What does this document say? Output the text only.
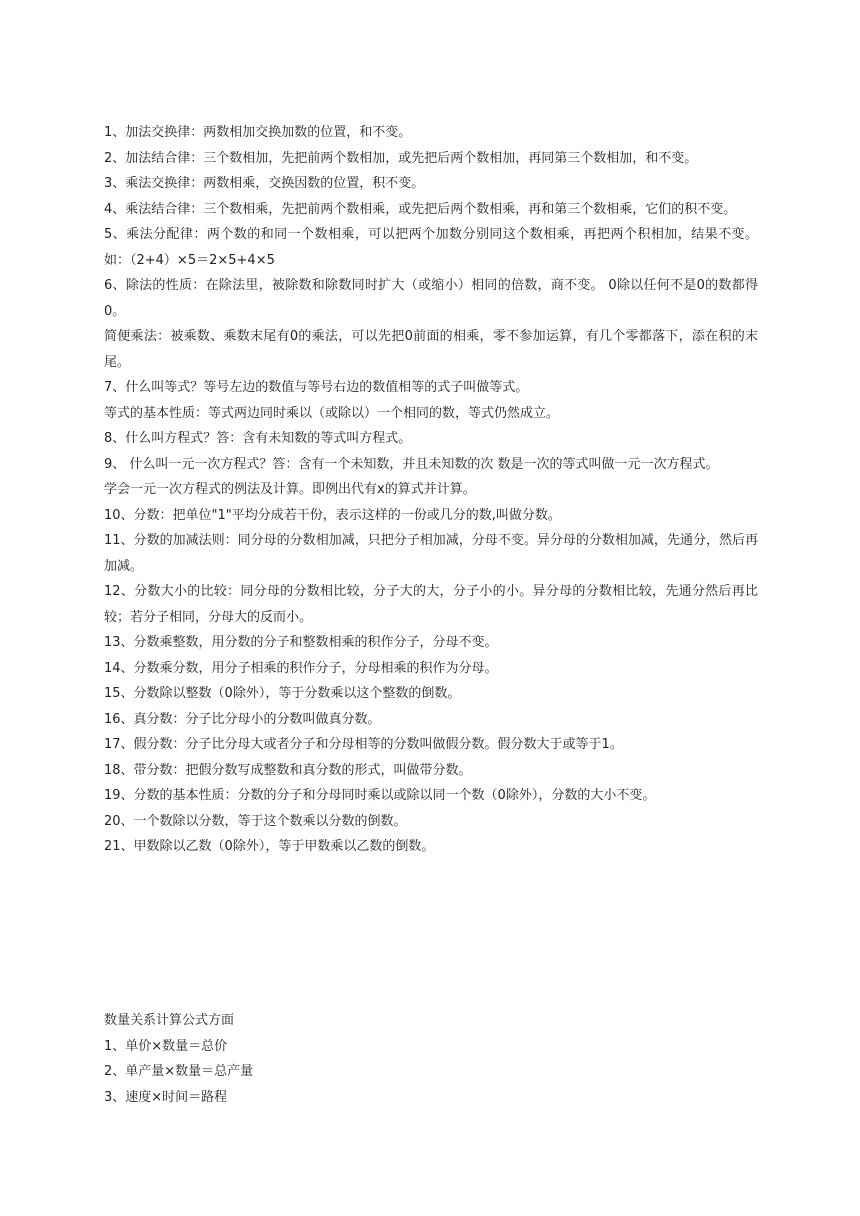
1、加法交换律：两数相加交换加数的位置，和不变。

2、加法结合律：三个数相加，先把前两个数相加，或先把后两个数相加，再同第三个数相加，和不变。

3、乘法交换律：两数相乘，交换因数的位置，积不变。

4、乘法结合律：三个数相乘，先把前两个数相乘，或先把后两个数相乘，再和第三个数相乘，它们的积不变。

5、乘法分配律：两个数的和同一个数相乘，可以把两个加数分别同这个数相乘，再把两个积相加，结果不变。如：（2+4）×5＝2×5+4×5

6、除法的性质：在除法里，被除数和除数同时扩大（或缩小）相同的倍数，商不变。 0除以任何不是0的数都得0。

简便乘法：被乘数、乘数末尾有0的乘法，可以先把0前面的相乘，零不参加运算，有几个零都落下，添在积的末尾。

7、什么叫等式？等号左边的数值与等号右边的数值相等的式子叫做等式。

等式的基本性质：等式两边同时乘以（或除以）一个相同的数，等式仍然成立。

8、什么叫方程式？答：含有未知数的等式叫方程式。

9、 什么叫一元一次方程式？答：含有一个未知数，并且未知数的次 数是一次的等式叫做一元一次方程式。

学会一元一次方程式的例法及计算。即例出代有x的算式并计算。

10、分数：把单位"1"平均分成若干份，表示这样的一份或几分的数,叫做分数。

11、分数的加减法则：同分母的分数相加减，只把分子相加减，分母不变。异分母的分数相加减，先通分，然后再加减。

12、分数大小的比较：同分母的分数相比较，分子大的大，分子小的小。异分母的分数相比较，先通分然后再比较；若分子相同，分母大的反而小。

13、分数乘整数，用分数的分子和整数相乘的积作分子，分母不变。

14、分数乘分数，用分子相乘的积作分子，分母相乘的积作为分母。

15、分数除以整数（0除外），等于分数乘以这个整数的倒数。

16、真分数：分子比分母小的分数叫做真分数。

17、假分数：分子比分母大或者分子和分母相等的分数叫做假分数。假分数大于或等于1。

18、带分数：把假分数写成整数和真分数的形式，叫做带分数。

19、分数的基本性质：分数的分子和分母同时乘以或除以同一个数（0除外），分数的大小不变。

20、一个数除以分数，等于这个数乘以分数的倒数。

21、甲数除以乙数（0除外），等于甲数乘以乙数的倒数。

数量关系计算公式方面

1、单价×数量＝总价

2、单产量×数量＝总产量

3、速度×时间＝路程
